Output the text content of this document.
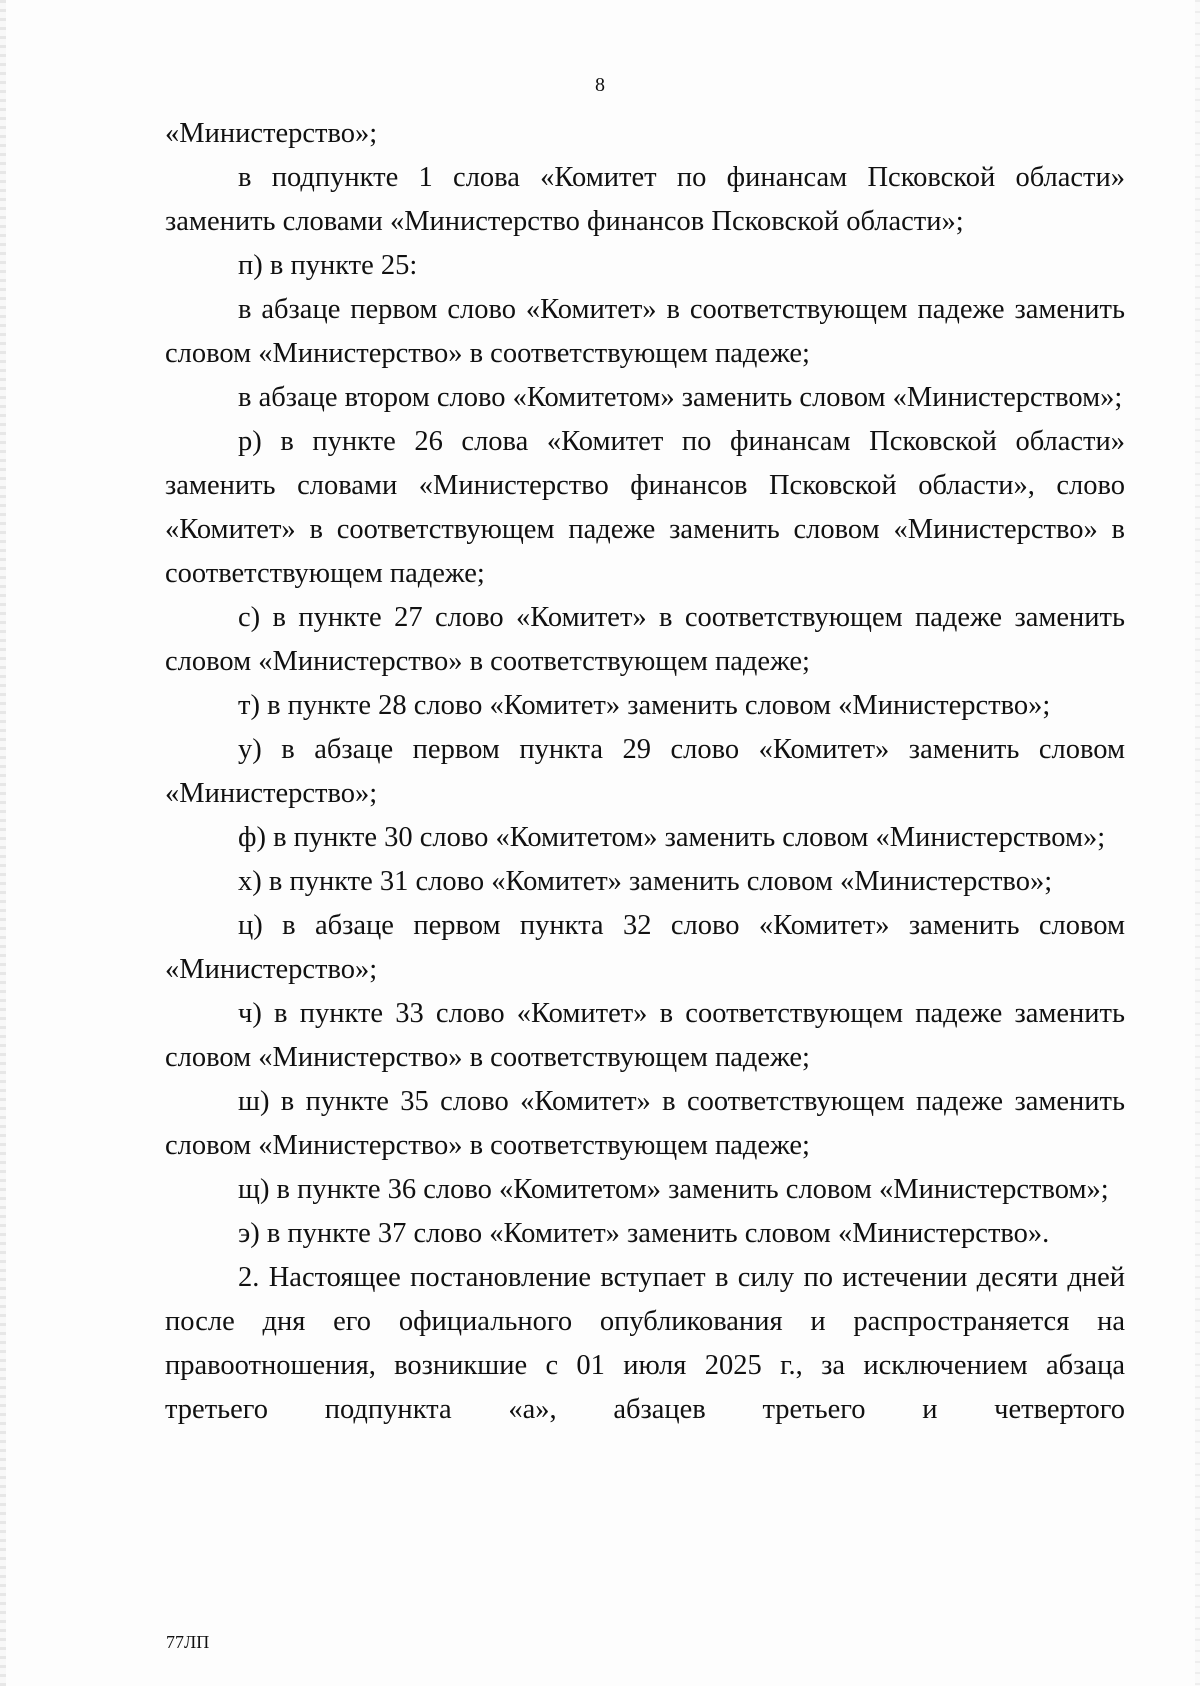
8

«Министерство»;

в подпункте 1 слова «Комитет по финансам Псковской области» заменить словами «Министерство финансов Псковской области»;

п) в пункте 25:

в абзаце первом слово «Комитет» в соответствующем падеже заменить словом «Министерство» в соответствующем падеже;

в абзаце втором слово «Комитетом» заменить словом «Министерством»;

р) в пункте 26 слова «Комитет по финансам Псковской области» заменить словами «Министерство финансов Псковской области», слово «Комитет» в соответствующем падеже заменить словом «Министерство» в соответствующем падеже;

с) в пункте 27 слово «Комитет» в соответствующем падеже заменить словом «Министерство» в соответствующем падеже;

т) в пункте 28 слово «Комитет» заменить словом «Министерство»;

у) в абзаце первом пункта 29 слово «Комитет» заменить словом «Министерство»;

ф) в пункте 30 слово «Комитетом» заменить словом «Министерством»;

х) в пункте 31 слово «Комитет» заменить словом «Министерство»;

ц) в абзаце первом пункта 32 слово «Комитет» заменить словом «Министерство»;

ч) в пункте 33 слово «Комитет» в соответствующем падеже заменить словом «Министерство» в соответствующем падеже;

ш) в пункте 35 слово «Комитет» в соответствующем падеже заменить словом «Министерство» в соответствующем падеже;

щ) в пункте 36 слово «Комитетом» заменить словом «Министерством»;

э) в пункте 37 слово «Комитет» заменить словом «Министерство».

2. Настоящее постановление вступает в силу по истечении десяти дней после дня его официального опубликования и распространяется на правоотношения, возникшие с 01 июля 2025 г., за исключением абзаца третьего подпункта «а», абзацев третьего и четвертого

77ЛП
